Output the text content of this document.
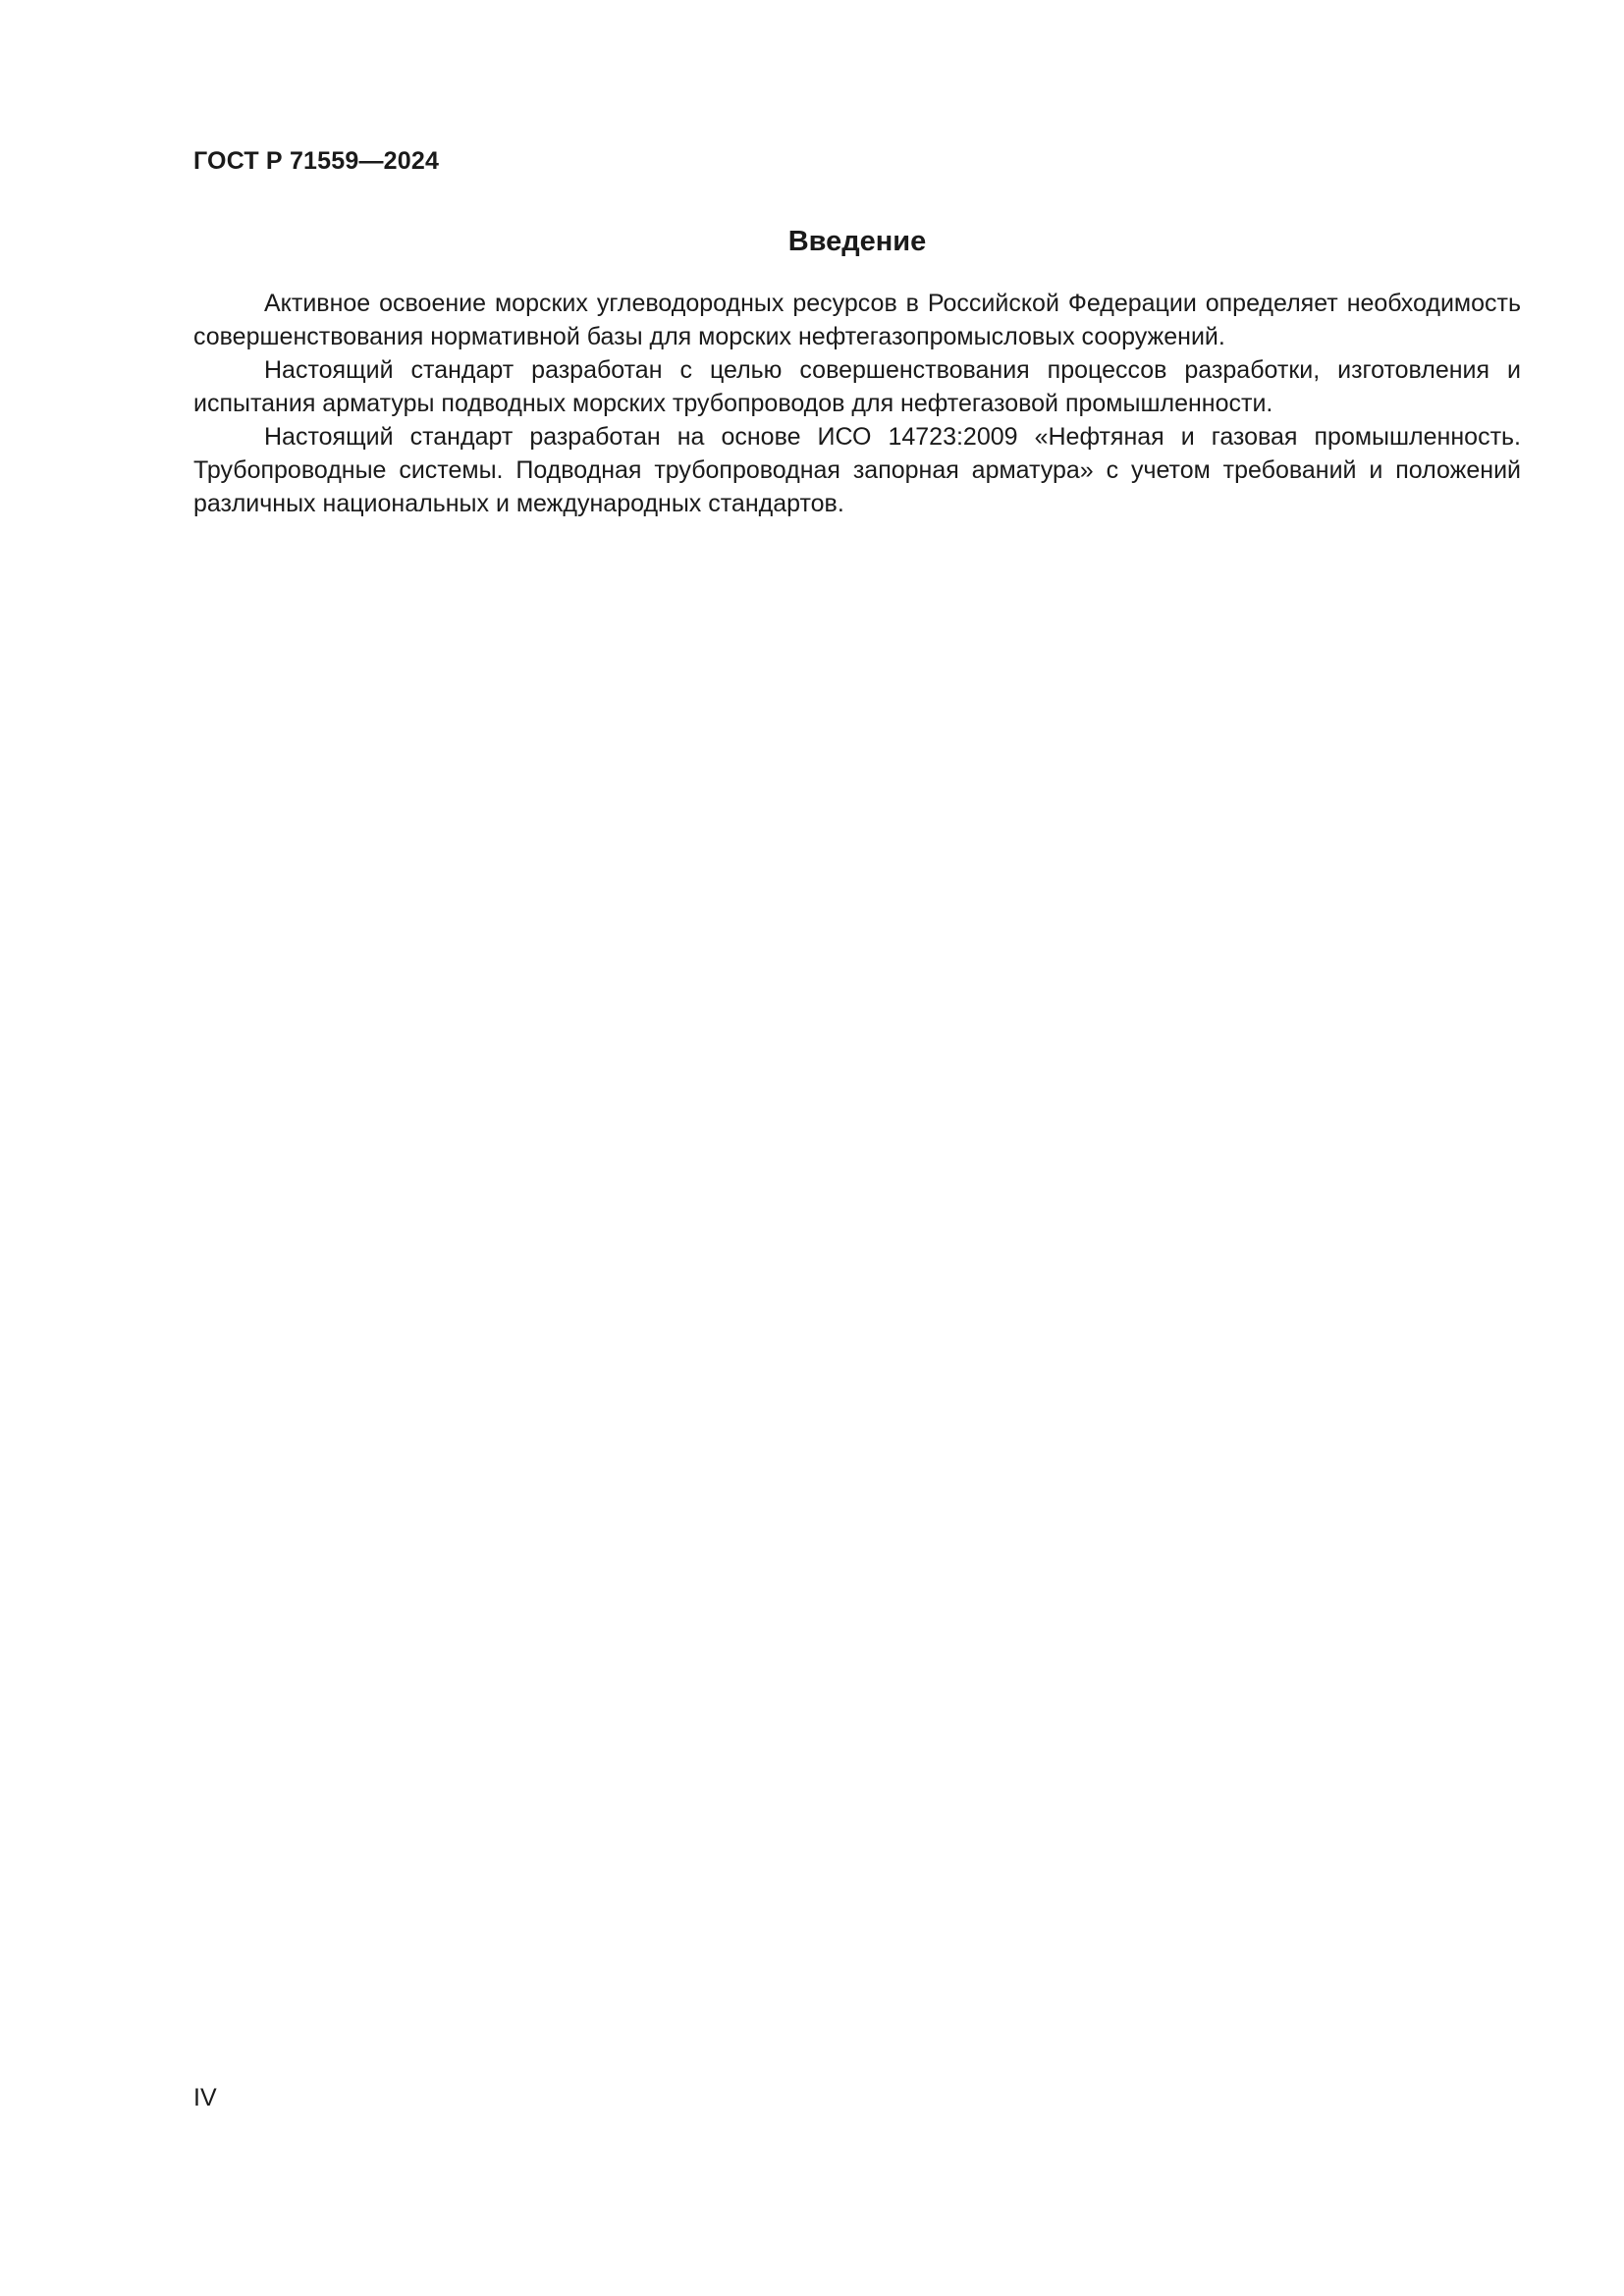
ГОСТ Р 71559—2024
Введение

Активное освоение морских углеводородных ресурсов в Российской Федерации определяет необходимость совершенствования нормативной базы для морских нефтегазопромысловых сооружений.

Настоящий стандарт разработан с целью совершенствования процессов разработки, изготовления и испытания арматуры подводных морских трубопроводов для нефтегазовой промышленности.

Настоящий стандарт разработан на основе ИСО 14723:2009 «Нефтяная и газовая промышленность. Трубопроводные системы. Подводная трубопроводная запорная арматура» с учетом требований и положений различных национальных и международных стандартов.

IV
